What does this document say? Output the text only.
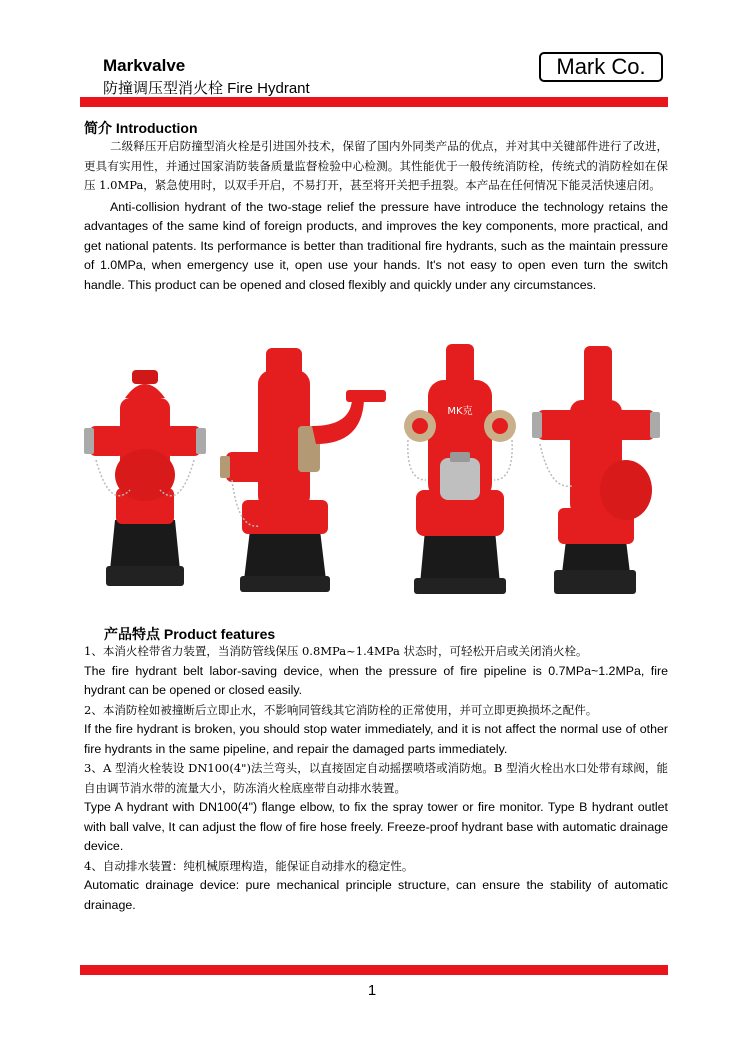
Markvalve
防撞调压型消火栓 Fire Hydrant
Mark Co.
简介 Introduction

二级释压开启防撞型消火栓是引进国外技术，保留了国内外同类产品的优点，并对其中关键部件进行了改进，更具有实用性，并通过国家消防装备质量监督检验中心检测。其性能优于一般传统消防栓，传统式的消防栓如在保压 1.0MPa，紧急使用时，以双手开启，不易打开，甚至将开关把手扭裂。本产品在任何情况下能灵活快速启闭。

Anti-collision hydrant of the two-stage relief the pressure have introduce the technology retains the advantages of the same kind of foreign products, and improves the key components, more practical, and get national patents. Its performance is better than traditional fire hydrants, such as the maintain pressure of 1.0MPa, when emergency use it, open use your hands. It's not easy to open even turn the switch handle. This product can be opened and closed flexibly and quickly under any circumstances.

MK克
产品特点 Product features

1、本消火栓带省力装置，当消防管线保压 0.8MPa~1.4MPa 状态时，可轻松开启或关闭消火栓。

The fire hydrant belt labor-saving device, when the pressure of fire pipeline is 0.7MPa~1.2MPa, fire hydrant can be opened or closed easily.

2、本消防栓如被撞断后立即止水，不影响同管线其它消防栓的正常使用，并可立即更换损坏之配件。

If the fire hydrant is broken, you should stop water immediately, and it is not affect the normal use of other fire hydrants in the same pipeline, and repair the damaged parts immediately.

3、A 型消火栓装设 DN100(4")法兰弯头，以直接固定自动摇摆喷塔或消防炮。B 型消火栓出水口处带有球阀，能自由调节消水带的流量大小，防冻消火栓底座带自动排水装置。

Type A hydrant with DN100(4") flange elbow, to fix the spray tower or fire monitor. Type B hydrant outlet with ball valve, It can adjust the flow of fire hose freely. Freeze-proof hydrant base with automatic drainage device.

4、自动排水装置：纯机械原理构造，能保证自动排水的稳定性。

Automatic drainage device: pure mechanical principle structure, can ensure the stability of automatic drainage.

1
